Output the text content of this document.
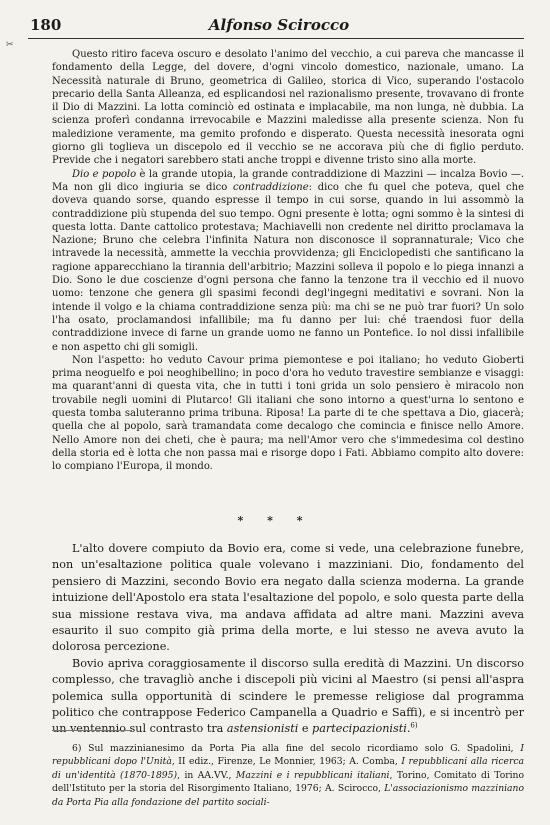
180	Alfonso Scirocco
✂

Questo ritiro faceva oscuro e desolato l'animo del vecchio, a cui pareva che mancasse il fondamento della Legge, del dovere, d'ogni vincolo domestico, nazionale, umano. La Necessità naturale di Bruno, geometrica di Galileo, storica di Vico, superando l'ostacolo precario della Santa Alleanza, ed esplicandosi nel razionalismo presente, trovavano di fronte il Dio di Mazzini. La lotta cominciò ed ostinata e implacabile, ma non lunga, nè dubbia. La scienza proferì condanna irrevocabile e Mazzini maledisse alla presente scienza. Non fu maledizione veramente, ma gemito profondo e disperato. Questa necessità inesorata ogni giorno gli toglieva un discepolo ed il vecchio se ne accorava più che di figlio perduto. Previde che i negatori sarebbero stati anche troppi e divenne tristo sino alla morte.

Dio e popolo è la grande utopia, la grande contraddizione di Mazzini — incalza Bovio —. Ma non gli dico ingiuria se dico contraddizione: dico che fu quel che poteva, quel che doveva quando sorse, quando espresse il tempo in cui sorse, quando in lui assommò la contraddizione più stupenda del suo tempo. Ogni presente è lotta; ogni sommo è la sintesi di questa lotta. Dante cattolico protestava; Machiavelli non credente nel diritto proclamava la Nazione; Bruno che celebra l'infinita Natura non disconosce il soprannaturale; Vico che intravede la necessità, ammette la vecchia provvidenza; gli Enciclopedisti che santificano la ragione apparecchiano la tirannia dell'arbitrio; Mazzini solleva il popolo e lo piega innanzi a Dio. Sono le due coscienze d'ogni persona che fanno la tenzone tra il vecchio ed il nuovo uomo: tenzone che genera gli spasimi fecondi degl'ingegni meditativi e sovrani. Non la intende il volgo e la chiama contraddizione senza più: ma chi se ne può trar fuori? Un solo l'ha osato, proclamandosi infallibile; ma fu danno per lui: ché traendosi fuor della contraddizione invece di farne un grande uomo ne fanno un Pontefice. Io nol dissi infallibile e non aspetto chi gli somigli.

Non l'aspetto: ho veduto Cavour prima piemontese e poi italiano; ho veduto Gioberti prima neoguelfo e poi neoghibellino; in poco d'ora ho veduto travestire sembianze e visaggi: ma quarant'anni di questa vita, che in tutti i toni grida un solo pensiero è miracolo non trovabile negli uomini di Plutarco! Gli italiani che sono intorno a quest'urna lo sentono e questa tomba saluteranno prima tribuna. Riposa! La parte di te che spettava a Dio, giacerà; quella che al popolo, sarà tramandata come decalogo che comincia e finisce nello Amore. Nello Amore non dei cheti, che è paura; ma nell'Amor vero che s'immedesima col destino della storia ed è lotta che non passa mai e risorge dopo i Fati. Abbiamo compito alto dovere: lo compiano l'Europa, il mondo.

* * *

L'alto dovere compiuto da Bovio era, come si vede, una celebrazione funebre, non un'esaltazione politica quale volevano i mazziniani. Dio, fondamento del pensiero di Mazzini, secondo Bovio era negato dalla scienza moderna. La grande intuizione dell'Apostolo era stata l'esaltazione del popolo, e solo questa parte della sua missione restava viva, ma andava affidata ad altre mani. Mazzini aveva esaurito il suo compito già prima della morte, e lui stesso ne aveva avuto la dolorosa percezione.

Bovio apriva coraggiosamente il discorso sulla eredità di Mazzini. Un discorso complesso, che travagliò anche i discepoli più vicini al Maestro (si pensi all'aspra polemica sulla opportunità di scindere le premesse religiose dal programma politico che contrappose Federico Campanella a Quadrio e Saffi), e si incentrò per un ventennio sul contrasto tra astensionisti e partecipazionisti.$^{6)}$

6) Sul mazzinianesimo da Porta Pia alla fine del secolo ricordiamo solo G. Spadolini, I repubblicani dopo l'Unità, II ediz., Firenze, Le Monnier, 1963; A. Comba, I repubblicani alla ricerca di un'identità (1870-1895), in AA.VV., Mazzini e i repubblicani italiani, Torino, Comitato di Torino dell'Istituto per la storia del Risorgimento Italiano, 1976; A. Scirocco, L'associazionismo mazziniano da Porta Pia alla fondazione del partito sociali-
